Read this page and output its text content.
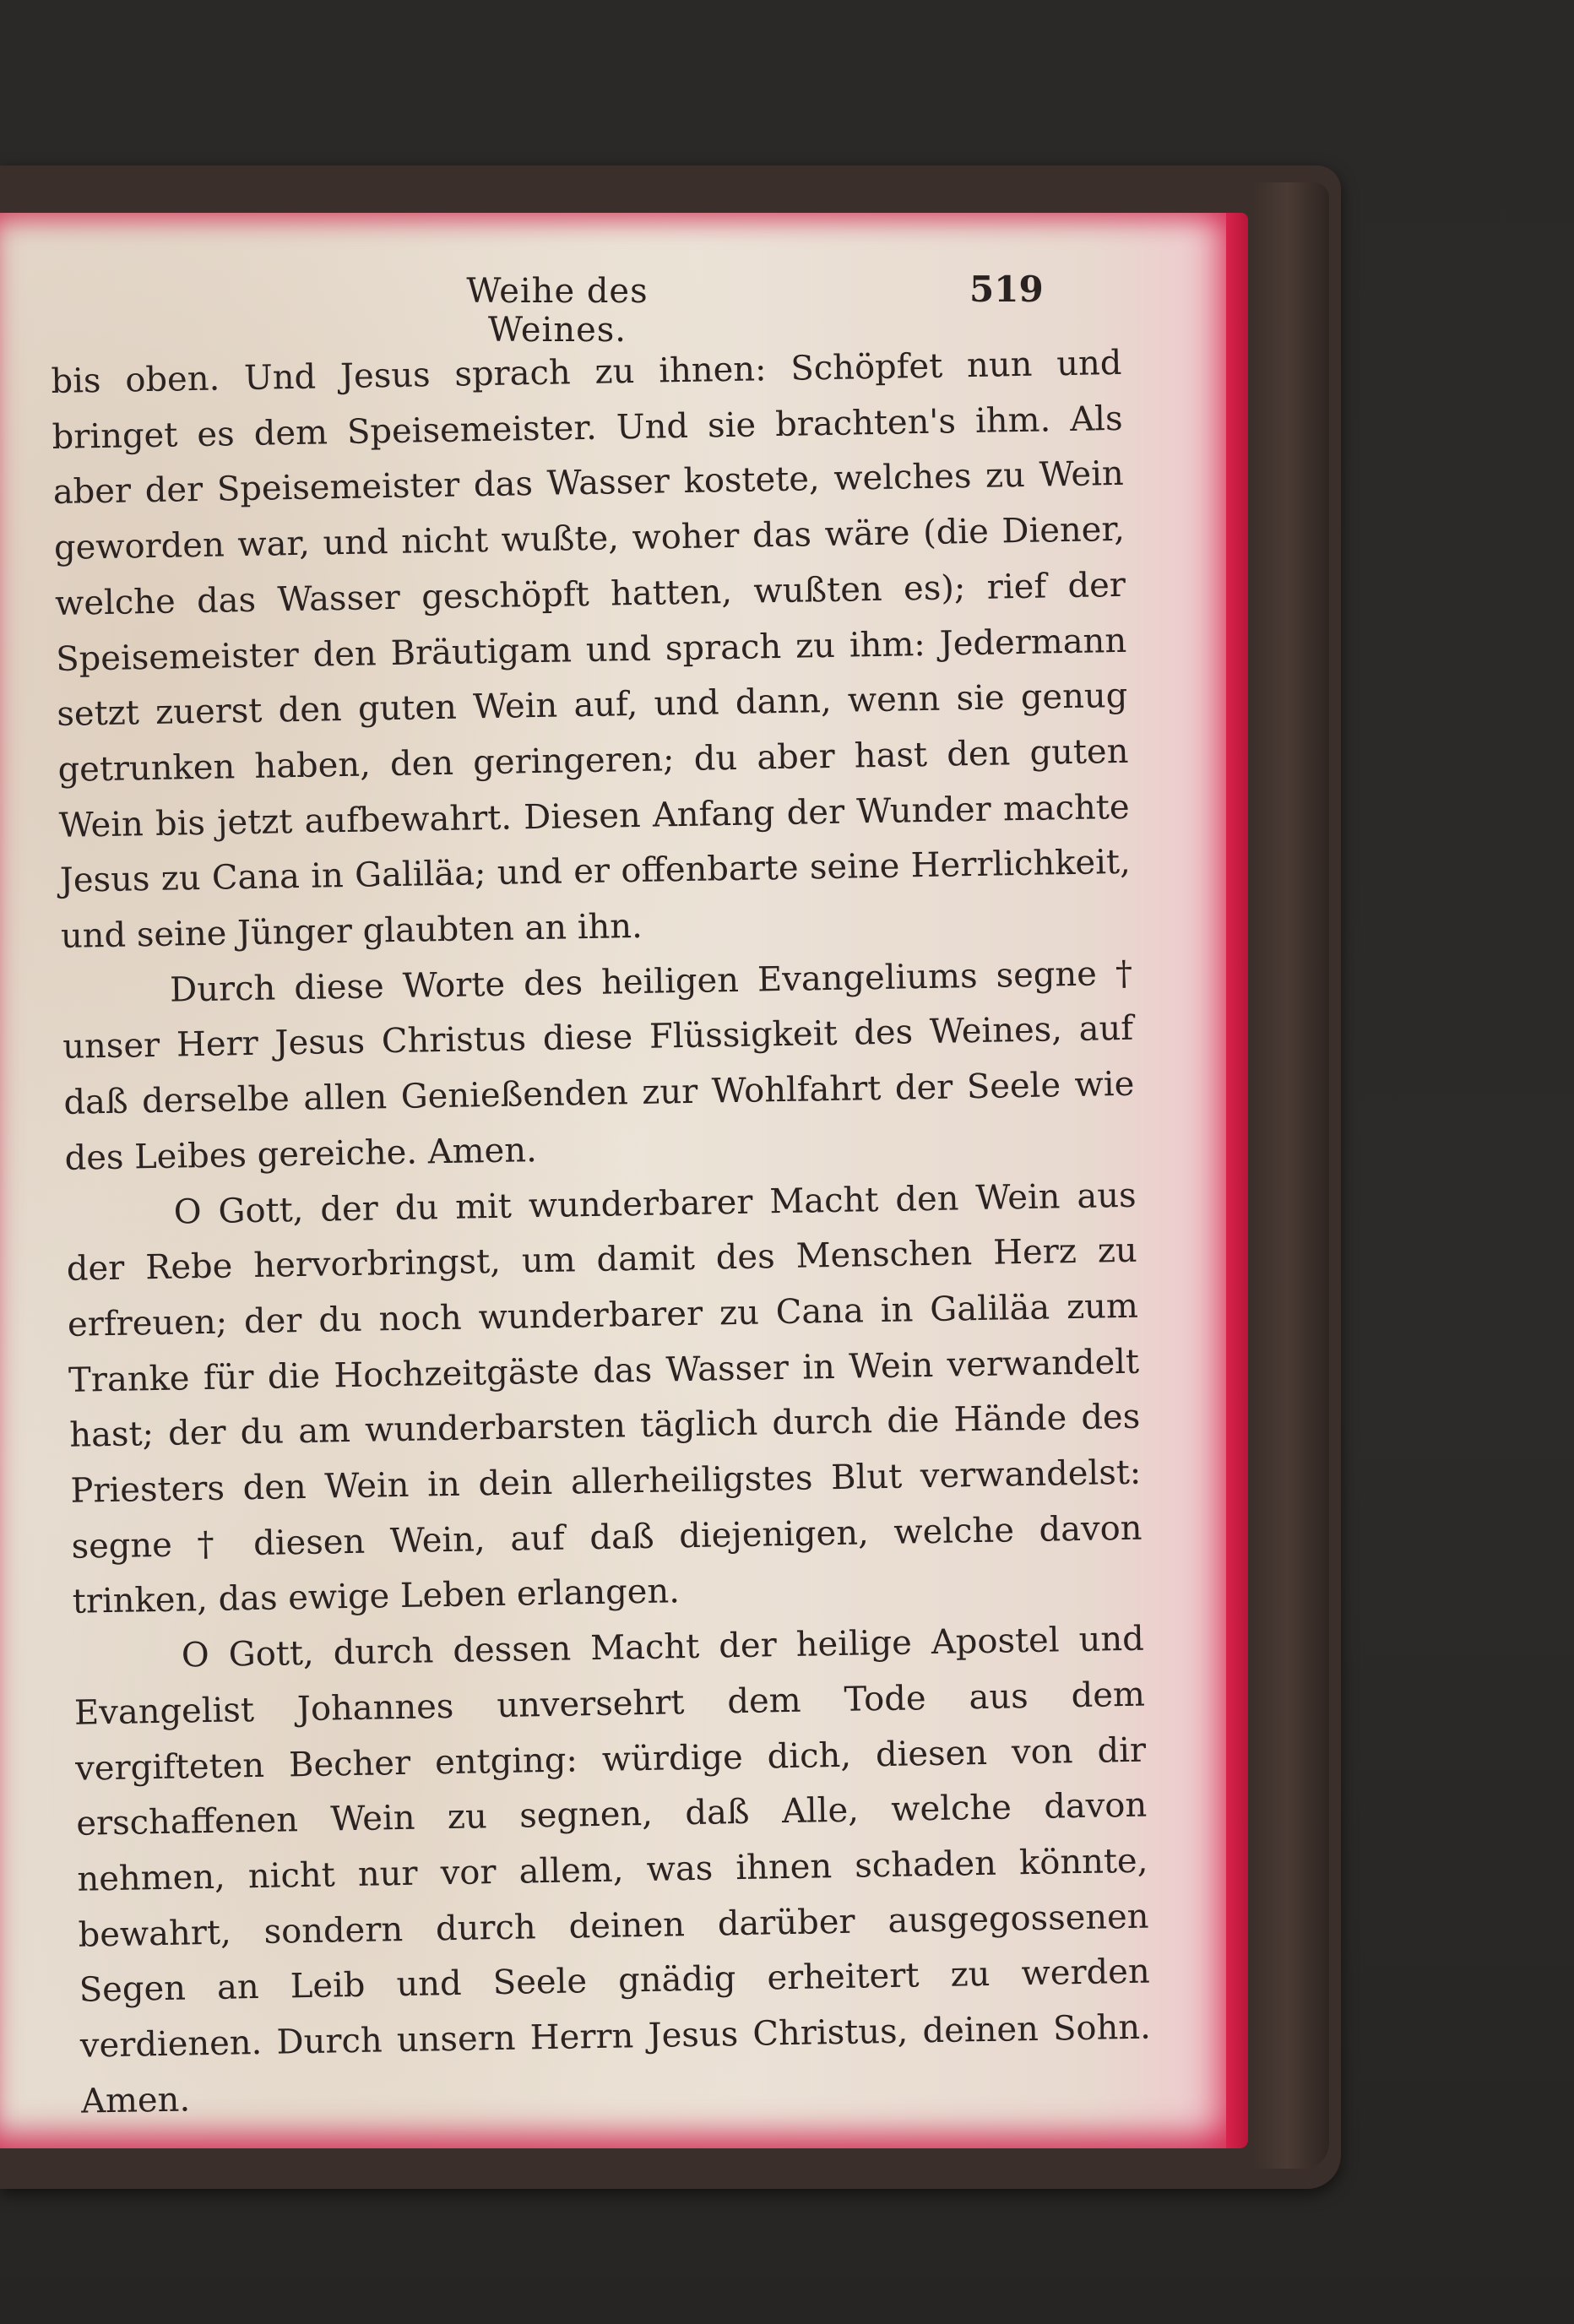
Weihe des Weines.
519

bis oben. Und Jesus sprach zu ihnen: Schöpfet nun und bringet es dem Speisemeister. Und sie brachten's ihm. Als aber der Speisemeister das Wasser kostete, welches zu Wein geworden war, und nicht wußte, woher das wäre (die Diener, welche das Wasser geschöpft hatten, wußten es); rief der Speisemeister den Bräutigam und sprach zu ihm: Jedermann setzt zuerst den guten Wein auf, und dann, wenn sie genug getrunken haben, den geringeren; du aber hast den guten Wein bis jetzt aufbewahrt. Diesen Anfang der Wunder machte Jesus zu Cana in Galiläa; und er offenbarte seine Herrlichkeit, und seine Jünger glaubten an ihn.

Durch diese Worte des heiligen Evangeliums segne † unser Herr Jesus Christus diese Flüssigkeit des Weines, auf daß derselbe allen Genießenden zur Wohlfahrt der Seele wie des Leibes gereiche. Amen.

O Gott, der du mit wunderbarer Macht den Wein aus der Rebe hervorbringst, um damit des Menschen Herz zu erfreuen; der du noch wunderbarer zu Cana in Galiläa zum Tranke für die Hochzeitgäste das Wasser in Wein verwandelt hast; der du am wunderbarsten täglich durch die Hände des Priesters den Wein in dein allerheiligstes Blut verwandelst: segne † diesen Wein, auf daß diejenigen, welche davon trinken, das ewige Leben erlangen.

O Gott, durch dessen Macht der heilige Apostel und Evangelist Johannes unversehrt dem Tode aus dem vergifteten Becher entging: würdige dich, diesen von dir erschaffenen Wein zu segnen, daß Alle, welche davon nehmen, nicht nur vor allem, was ihnen schaden könnte, bewahrt, sondern durch deinen darüber ausgegossenen Segen an Leib und Seele gnädig erheitert zu werden verdienen. Durch unsern Herrn Jesus Christus, deinen Sohn. Amen.
